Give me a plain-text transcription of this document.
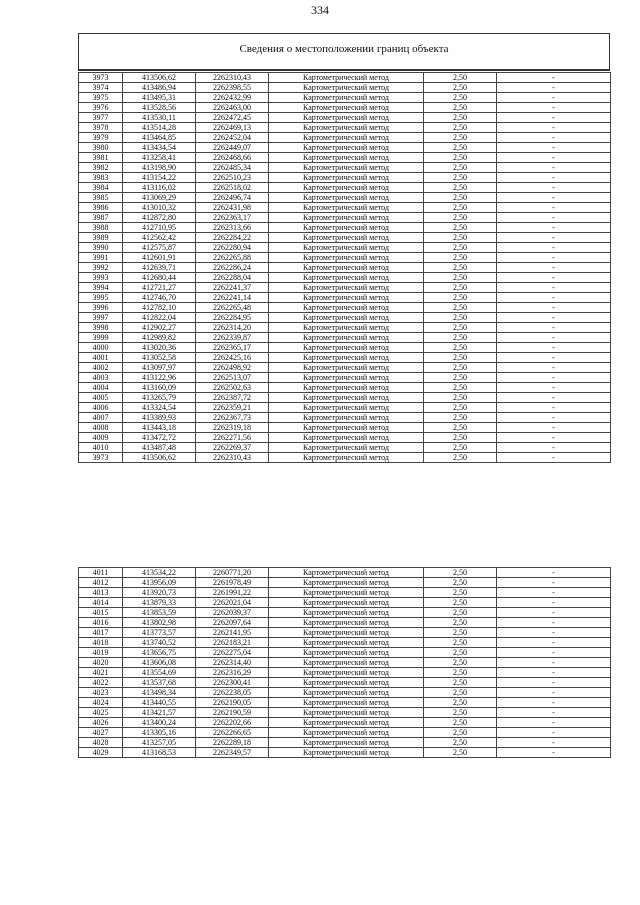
334
Сведения о местоположении границ объекта
3973	413506,62	2262310,43	Картометрический метод	2,50	-
3974	413486,94	2262398,55	Картометрический метод	2,50	-
3975	413495,31	2262432,99	Картометрический метод	2,50	-
3976	413528,56	2262463,00	Картометрический метод	2,50	-
3977	413530,11	2262472,45	Картометрический метод	2,50	-
3978	413514,28	2262469,13	Картометрический метод	2,50	-
3979	413464,85	2262452,04	Картометрический метод	2,50	-
3980	413434,54	2262449,07	Картометрический метод	2,50	-
3981	413258,41	2262468,66	Картометрический метод	2,50	-
3982	413198,90	2262485,34	Картометрический метод	2,50	-
3983	413154,22	2262510,23	Картометрический метод	2,50	-
3984	413116,02	2262518,02	Картометрический метод	2,50	-
3985	413069,29	2262496,74	Картометрический метод	2,50	-
3986	413010,32	2262431,98	Картометрический метод	2,50	-
3987	412872,80	2262363,17	Картометрический метод	2,50	-
3988	412710,95	2262313,66	Картометрический метод	2,50	-
3989	412562,42	2262284,22	Картометрический метод	2,50	-
3990	412575,87	2262280,94	Картометрический метод	2,50	-
3991	412601,91	2262265,88	Картометрический метод	2,50	-
3992	412639,71	2262286,24	Картометрический метод	2,50	-
3993	412680,44	2262288,04	Картометрический метод	2,50	-
3994	412721,27	2262241,37	Картометрический метод	2,50	-
3995	412746,70	2262241,14	Картометрический метод	2,50	-
3996	412782,10	2262265,48	Картометрический метод	2,50	-
3997	412822,04	2262284,95	Картометрический метод	2,50	-
3998	412902,27	2262314,20	Картометрический метод	2,50	-
3999	412989,82	2262339,87	Картометрический метод	2,50	-
4000	413020,36	2262365,17	Картометрический метод	2,50	-
4001	413052,58	2262425,16	Картометрический метод	2,50	-
4002	413097,97	2262498,92	Картометрический метод	2,50	-
4003	413122,96	2262513,07	Картометрический метод	2,50	-
4004	413160,09	2262502,63	Картометрический метод	2,50	-
4005	413265,79	2262387,72	Картометрический метод	2,50	-
4006	413324,54	2262359,21	Картометрический метод	2,50	-
4007	413389,93	2262367,73	Картометрический метод	2,50	-
4008	413443,18	2262319,18	Картометрический метод	2,50	-
4009	413472,72	2262271,56	Картометрический метод	2,50	-
4010	413487,48	2262269,37	Картометрический метод	2,50	-
3973	413506,62	2262310,43	Картометрический метод	2,50	-
4011	413534,22	2260771,20	Картометрический метод	2,50	-
4012	413956,09	2261978,49	Картометрический метод	2,50	-
4013	413920,73	2261991,22	Картометрический метод	2,50	-
4014	413879,33	2262021,04	Картометрический метод	2,50	-
4015	413853,59	2262039,37	Картометрический метод	2,50	-
4016	413802,98	2262097,64	Картометрический метод	2,50	-
4017	413773,57	2262141,95	Картометрический метод	2,50	-
4018	413740,52	2262183,21	Картометрический метод	2,50	-
4019	413656,75	2262275,04	Картометрический метод	2,50	-
4020	413606,08	2262314,40	Картометрический метод	2,50	-
4021	413554,69	2262316,29	Картометрический метод	2,50	-
4022	413537,68	2262300,41	Картометрический метод	2,50	-
4023	413498,34	2262238,05	Картометрический метод	2,50	-
4024	413440,55	2262190,05	Картометрический метод	2,50	-
4025	413421,57	2262190,59	Картометрический метод	2,50	-
4026	413400,24	2262202,66	Картометрический метод	2,50	-
4027	413305,16	2262266,65	Картометрический метод	2,50	-
4028	413257,05	2262289,18	Картометрический метод	2,50	-
4029	413168,53	2262349,57	Картометрический метод	2,50	-
